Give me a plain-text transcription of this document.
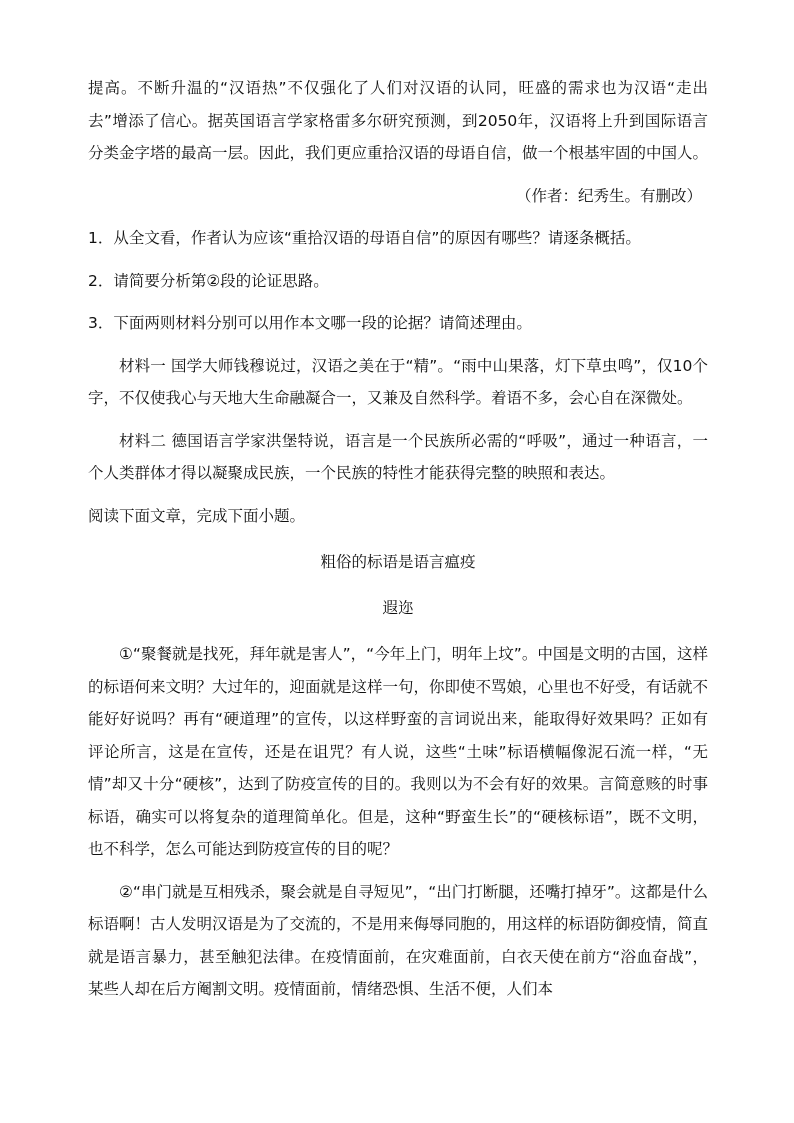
提高。不断升温的“汉语热”不仅强化了人们对汉语的认同，旺盛的需求也为汉语“走出去”增添了信心。据英国语言学家格雷多尔研究预测，到2050年，汉语将上升到国际语言分类金字塔的最高一层。因此，我们更应重拾汉语的母语自信，做一个根基牢固的中国人。

（作者：纪秀生。有删改）

1．从全文看，作者认为应该“重拾汉语的母语自信”的原因有哪些？请逐条概括。

2．请简要分析第②段的论证思路。

3．下面两则材料分别可以用作本文哪一段的论据？请简述理由。

材料一 国学大师钱穆说过，汉语之美在于“精”。“雨中山果落，灯下草虫鸣”，仅10个字，不仅使我心与天地大生命融凝合一，又兼及自然科学。着语不多，会心自在深微处。

材料二 德国语言学家洪堡特说，语言是一个民族所必需的“呼吸”，通过一种语言，一个人类群体才得以凝聚成民族，一个民族的特性才能获得完整的映照和表达。

阅读下面文章，完成下面小题。

粗俗的标语是语言瘟疫

遐迩

①“聚餐就是找死，拜年就是害人”，“今年上门，明年上坟”。中国是文明的古国，这样的标语何来文明？大过年的，迎面就是这样一句，你即使不骂娘，心里也不好受，有话就不能好好说吗？再有“硬道理”的宣传，以这样野蛮的言词说出来，能取得好效果吗？正如有评论所言，这是在宣传，还是在诅咒？有人说，这些“土味”标语横幅像泥石流一样，“无情”却又十分“硬核”，达到了防疫宣传的目的。我则以为不会有好的效果。言简意赅的时事标语，确实可以将复杂的道理简单化。但是，这种“野蛮生长”的“硬核标语”，既不文明，也不科学，怎么可能达到防疫宣传的目的呢？

②“串门就是互相残杀，聚会就是自寻短见”，“出门打断腿，还嘴打掉牙”。这都是什么标语啊！古人发明汉语是为了交流的，不是用来侮辱同胞的，用这样的标语防御疫情，简直就是语言暴力，甚至触犯法律。在疫情面前，在灾难面前，白衣天使在前方“浴血奋战”，某些人却在后方阉割文明。疫情面前，情绪恐惧、生活不便，人们本
